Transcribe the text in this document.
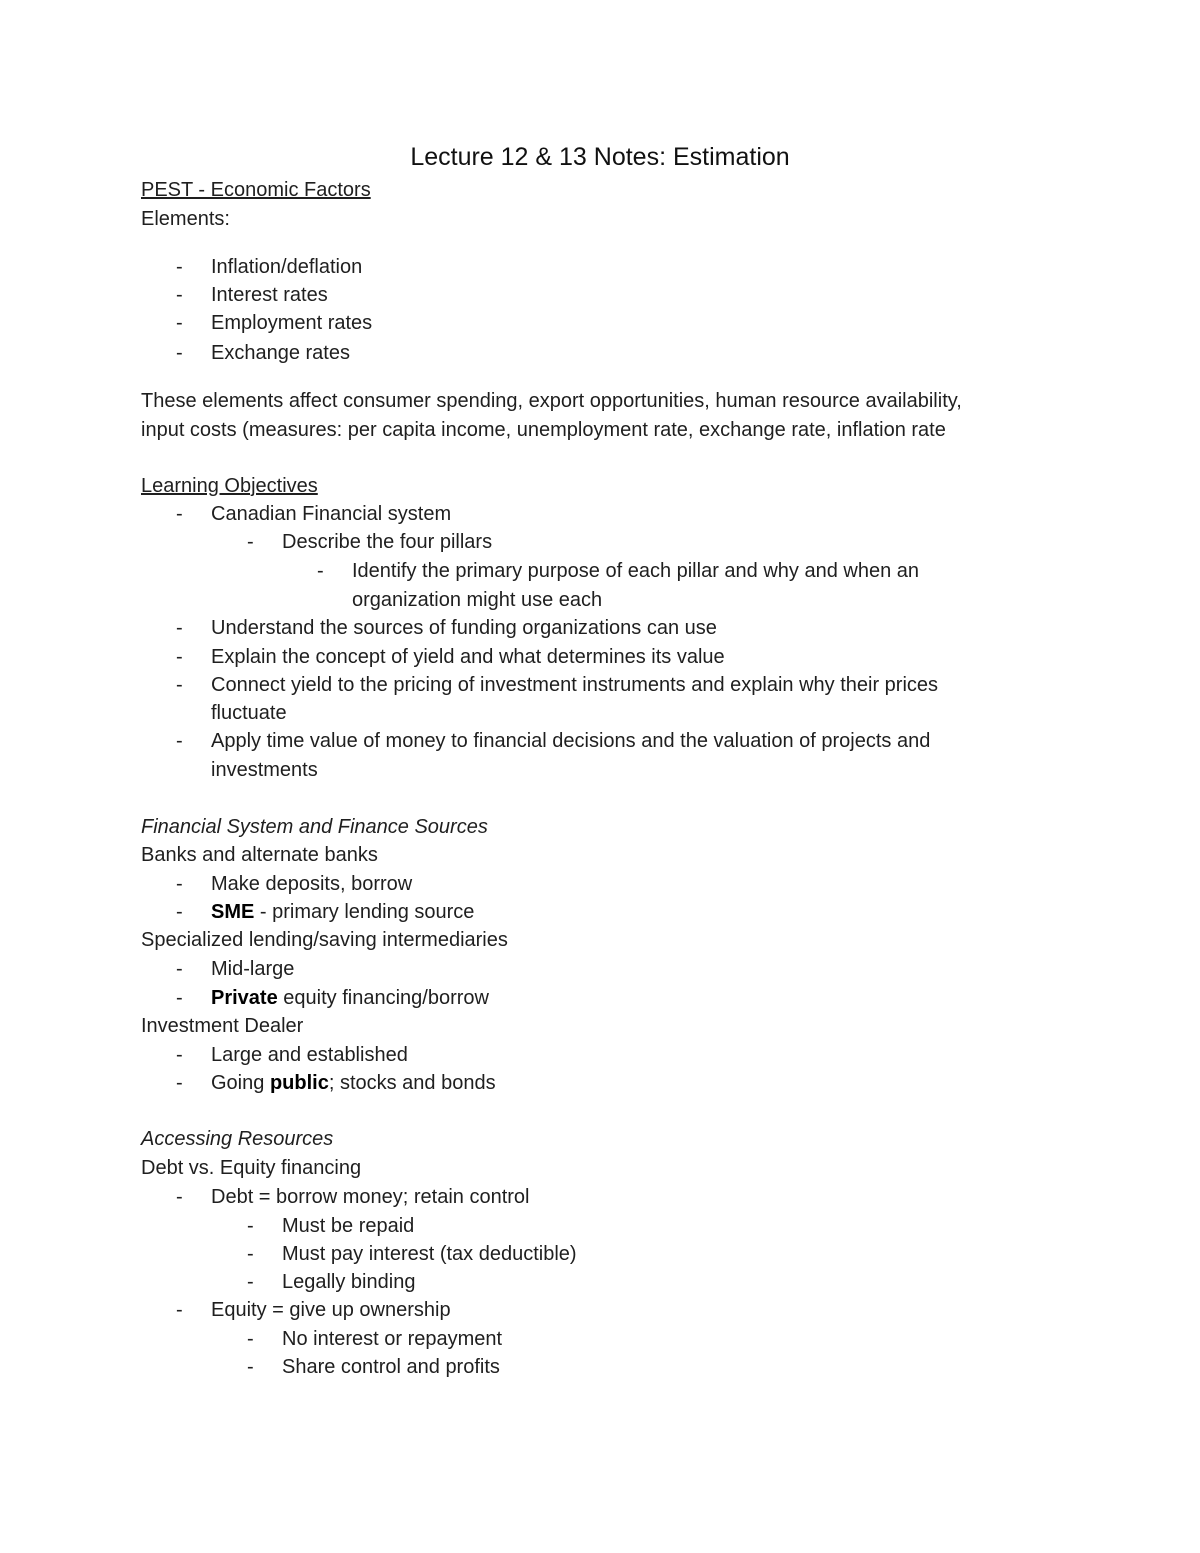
Lecture 12 & 13 Notes: Estimation
PEST - Economic Factors
Elements:
- Inflation/deflation
- Interest rates
- Employment rates
- Exchange rates
These elements affect consumer spending, export opportunities, human resource availability,
input costs (measures: per capita income, unemployment rate, exchange rate, inflation rate
Learning Objectives
- Canadian Financial system
- Describe the four pillars
- Identify the primary purpose of each pillar and why and when an
organization might use each
- Understand the sources of funding organizations can use
- Explain the concept of yield and what determines its value
- Connect yield to the pricing of investment instruments and explain why their prices
fluctuate
- Apply time value of money to financial decisions and the valuation of projects and
investments
Financial System and Finance Sources
Banks and alternate banks
- Make deposits, borrow
- SME - primary lending source
Specialized lending/saving intermediaries
- Mid-large
- Private equity financing/borrow
Investment Dealer
- Large and established
- Going public; stocks and bonds
Accessing Resources
Debt vs. Equity financing
- Debt = borrow money; retain control
- Must be repaid
- Must pay interest (tax deductible)
- Legally binding
- Equity = give up ownership
- No interest or repayment
- Share control and profits
